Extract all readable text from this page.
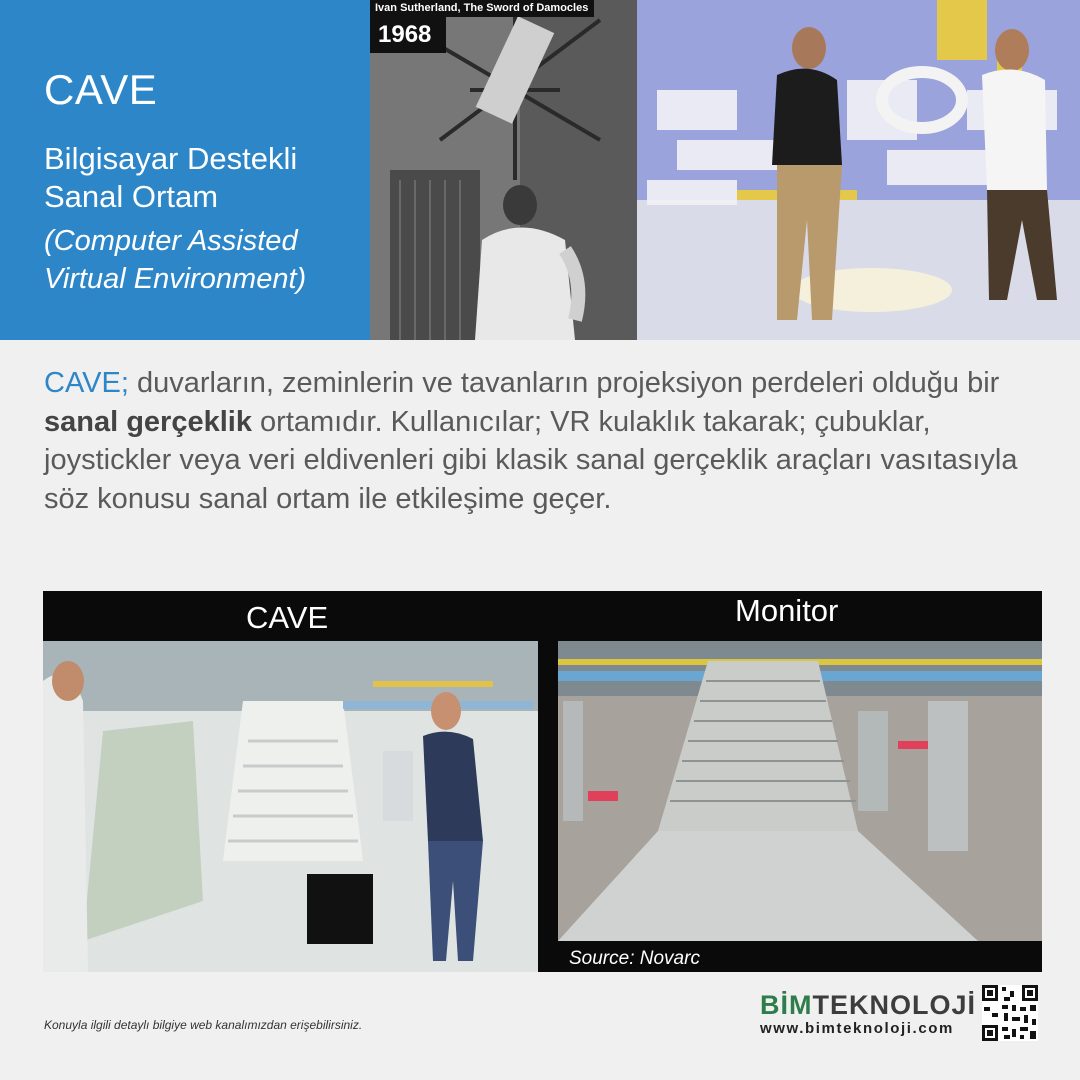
CAVE
Bilgisayar Destekli Sanal Ortam
(Computer Assisted Virtual Environment)
Ivan Sutherland, The Sword of Damocles
1968
CAVE; duvarların, zeminlerin ve tavanların projeksiyon perdeleri olduğu bir sanal gerçeklik ortamıdır. Kullanıcılar; VR kulaklık takarak; çubuklar, joystickler veya veri eldivenleri gibi klasik sanal gerçeklik araçları vasıtasıyla söz konusu sanal ortam ile etkileşime geçer.
CAVE	Monitor
Source: Novarc
Konuyla ilgili detaylı bilgiye web kanalımızdan erişebilirsiniz.
BİMTEKNOLOJİ
www.bimteknoloji.com
